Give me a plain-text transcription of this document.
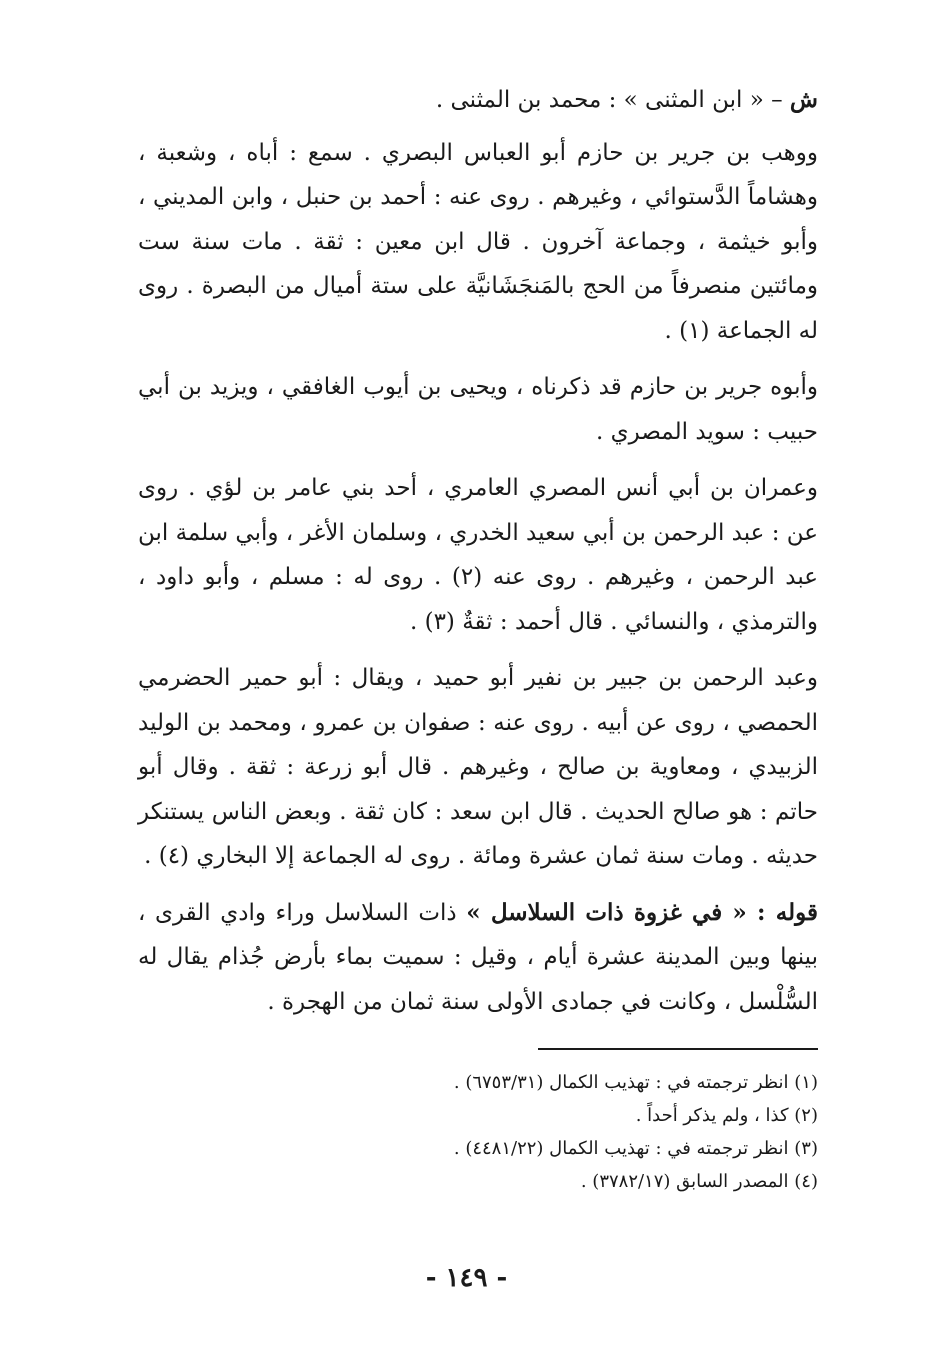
ش – « ابن المثنى » : محمد بن المثنى .

ووهب بن جرير بن حازم أبو العباس البصري . سمع : أباه ، وشعبة ، وهشاماً الدَّستوائي ، وغيرهم . روى عنه : أحمد بن حنبل ، وابن المديني ، وأبو خيثمة ، وجماعة آخرون . قال ابن معين : ثقة . مات سنة ست ومائتين منصرفاً من الحج بالمَنجَشَانيَّة على ستة أميال من البصرة . روى له الجماعة (١) .

وأبوه جرير بن حازم قد ذكرناه ، ويحيى بن أيوب الغافقي ، ويزيد بن أبي حبيب : سويد المصري .

وعمران بن أبي أنس المصري العامري ، أحد بني عامر بن لؤي . روى عن : عبد الرحمن بن أبي سعيد الخدري ، وسلمان الأغر ، وأبي سلمة ابن عبد الرحمن ، وغيرهم . روى عنه (٢) . روى له : مسلم ، وأبو داود ، والترمذي ، والنسائي . قال أحمد : ثقةٌ (٣) .

وعبد الرحمن بن جبير بن نفير أبو حميد ، ويقال : أبو حمير الحضرمي الحمصي ، روى عن أبيه . روى عنه : صفوان بن عمرو ، ومحمد بن الوليد الزبيدي ، ومعاوية بن صالح ، وغيرهم . قال أبو زرعة : ثقة . وقال أبو حاتم : هو صالح الحديث . قال ابن سعد : كان ثقة . وبعض الناس يستنكر حديثه . ومات سنة ثمان عشرة ومائة . روى له الجماعة إلا البخاري (٤) .

قوله : « في غزوة ذات السلاسل » ذات السلاسل وراء وادي القرى ، بينها وبين المدينة عشرة أيام ، وقيل : سميت بماء بأرض جُذام يقال له السُّلْسل ، وكانت في جمادى الأولى سنة ثمان من الهجرة .

(١) انظر ترجمته في : تهذيب الكمال (٦٧٥٣/٣١) .

(٢) كذا ، ولم يذكر أحداً .

(٣) انظر ترجمته في : تهذيب الكمال (٤٤٨١/٢٢) .

(٤) المصدر السابق (٣٧٨٢/١٧) .

- ١٤٩ -
